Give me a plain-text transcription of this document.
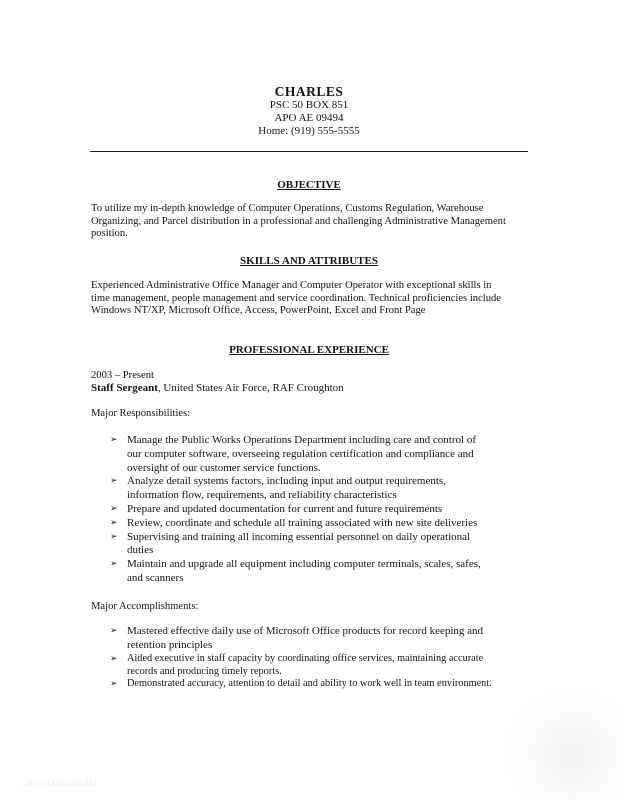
CHARLES
PSC 50 BOX 851
APO AE 09494
Home: (919) 555-5555
OBJECTIVE
To utilize my in-depth knowledge of Computer Operations, Customs Regulation, Warehouse
Organizing, and Parcel distribution in a professional and challenging Administrative Management
position.
SKILLS AND ATTRIBUTES
Experienced Administrative Office Manager and Computer Operator with exceptional skills in
time management, people management and service coordination. Technical proficiencies include
Windows NT/XP, Microsoft Office, Access, PowerPoint, Excel and Front Page
PROFESSIONAL EXPERIENCE
2003 – Present
Staff Sergeant, United States Air Force, RAF Croughton
Major Responsibilities:
➢ Manage the Public Works Operations Department including care and control of
our computer software, overseeing regulation certification and compliance and
oversight of our customer service functions.
➢ Analyze detail systems factors, including input and output requirements,
information flow, requirements, and reliability characteristics
➢ Prepare and updated documentation for current and future requirements
➢ Review, coordinate and schedule all training associated with new site deliveries
➢ Supervising and training all incoming essential personnel on daily operational
duties
➢ Maintain and upgrade all equipment including computer terminals, scales, safes,
and scanners
Major Accomplishments:
➢ Mastered effective daily use of Microsoft Office products for record keeping and
retention principles
➢ Aided executive in staff capacity by coordinating office services, maintaining accurate
records and producing timely reports.
➢ Demonstrated accuracy, attention to detail and ability to work well in team environment.
...templatesmodel...
